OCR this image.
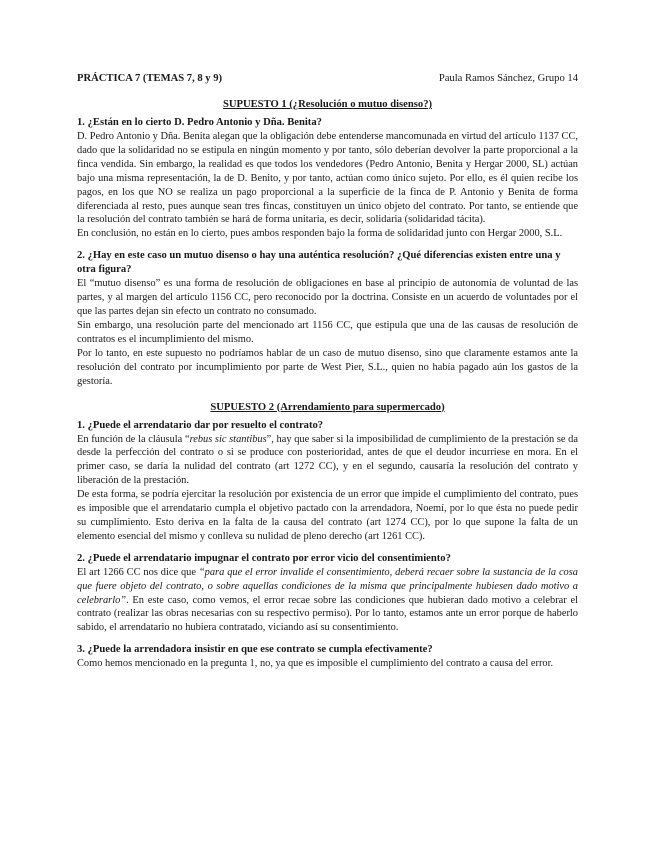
PRÁCTICA 7 (TEMAS 7, 8 y 9)	Paula Ramos Sánchez, Grupo 14
SUPUESTO 1 (¿Resolución o mutuo disenso?)

1. ¿Están en lo cierto D. Pedro Antonio y Dña. Benita?

D. Pedro Antonio y Dña. Benita alegan que la obligación debe entenderse mancomunada en virtud del artículo 1137 CC, dado que la solidaridad no se estipula en ningún momento y por tanto, sólo deberían devolver la parte proporcional a la finca vendida. Sin embargo, la realidad es que todos los vendedores (Pedro Antonio, Benita y Hergar 2000, SL) actúan bajo una misma representación, la de D. Benito, y por tanto, actúan como único sujeto. Por ello, es él quien recibe los pagos, en los que NO se realiza un pago proporcional a la superficie de la finca de P. Antonio y Benita de forma diferenciada al resto, pues aunque sean tres fincas, constituyen un único objeto del contrato. Por tanto, se entiende que la resolución del contrato también se hará de forma unitaria, es decir, solidaria (solidaridad tácita).

En conclusión, no están en lo cierto, pues ambos responden bajo la forma de solidaridad junto con Hergar 2000, S.L.

2. ¿Hay en este caso un mutuo disenso o hay una auténtica resolución? ¿Qué diferencias existen entre una y otra figura?

El “mutuo disenso” es una forma de resolución de obligaciones en base al principio de autonomía de voluntad de las partes, y al margen del artículo 1156 CC, pero reconocido por la doctrina. Consiste en un acuerdo de voluntades por el que las partes dejan sin efecto un contrato no consumado.

Sin embargo, una resolución parte del mencionado art 1156 CC, que estipula que una de las causas de resolución de contratos es el incumplimiento del mismo.

Por lo tanto, en este supuesto no podríamos hablar de un caso de mutuo disenso, sino que claramente estamos ante la resolución del contrato por incumplimiento por parte de West Pier, S.L., quien no había pagado aún los gastos de la gestoría.

SUPUESTO 2 (Arrendamiento para supermercado)

1. ¿Puede el arrendatario dar por resuelto el contrato?

En función de la cláusula “rebus sic stantibus”, hay que saber si la imposibilidad de cumplimiento de la prestación se da desde la perfección del contrato o si se produce con posterioridad, antes de que el deudor incurriese en mora. En el primer caso, se daría la nulidad del contrato (art 1272 CC), y en el segundo, causaría la resolución del contrato y liberación de la prestación.

De esta forma, se podría ejercitar la resolución por existencia de un error que impide el cumplimiento del contrato, pues es imposible que el arrendatario cumpla el objetivo pactado con la arrendadora, Noemí, por lo que ésta no puede pedir su cumplimiento. Esto deriva en la falta de la causa del contrato (art 1274 CC), por lo que supone la falta de un elemento esencial del mismo y conlleva su nulidad de pleno derecho (art 1261 CC).

2. ¿Puede el arrendatario impugnar el contrato por error vicio del consentimiento?

El art 1266 CC nos dice que “para que el error invalide el consentimiento, deberá recaer sobre la sustancia de la cosa que fuere objeto del contrato, o sobre aquellas condiciones de la misma que principalmente hubiesen dado motivo a celebrarlo”. En este caso, como vemos, el error recae sobre las condiciones que hubieran dado motivo a celebrar el contrato (realizar las obras necesarias con su respectivo permiso). Por lo tanto, estamos ante un error porque de haberlo sabido, el arrendatario no hubiera contratado, viciando así su consentimiento.

3. ¿Puede la arrendadora insistir en que ese contrato se cumpla efectivamente?

Como hemos mencionado en la pregunta 1, no, ya que es imposible el cumplimiento del contrato a causa del error.
